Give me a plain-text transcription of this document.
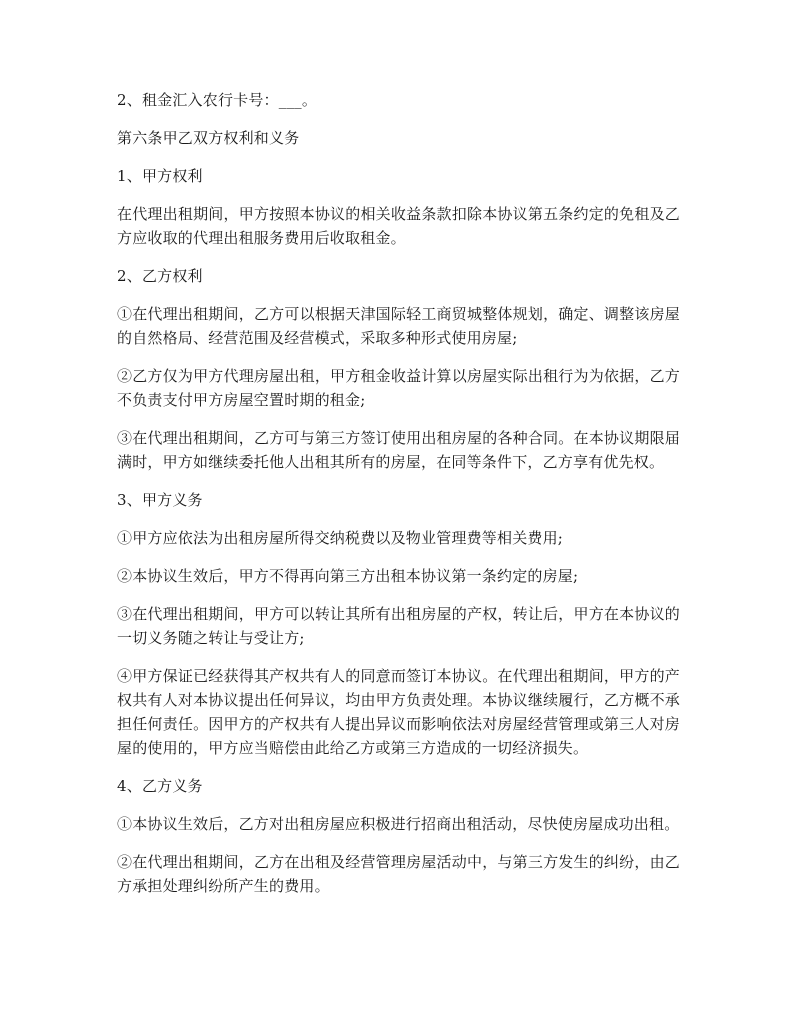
2、租金汇入农行卡号：___。

第六条甲乙双方权利和义务

1、甲方权利

在代理出租期间，甲方按照本协议的相关收益条款扣除本协议第五条约定的免租及乙方应收取的代理出租服务费用后收取租金。

2、乙方权利

①在代理出租期间，乙方可以根据天津国际轻工商贸城整体规划，确定、调整该房屋的自然格局、经营范围及经营模式，采取多种形式使用房屋;

②乙方仅为甲方代理房屋出租，甲方租金收益计算以房屋实际出租行为为依据，乙方不负责支付甲方房屋空置时期的租金;

③在代理出租期间，乙方可与第三方签订使用出租房屋的各种合同。在本协议期限届满时，甲方如继续委托他人出租其所有的房屋，在同等条件下，乙方享有优先权。

3、甲方义务

①甲方应依法为出租房屋所得交纳税费以及物业管理费等相关费用;

②本协议生效后，甲方不得再向第三方出租本协议第一条约定的房屋;

③在代理出租期间，甲方可以转让其所有出租房屋的产权，转让后，甲方在本协议的一切义务随之转让与受让方;

④甲方保证已经获得其产权共有人的同意而签订本协议。在代理出租期间，甲方的产权共有人对本协议提出任何异议，均由甲方负责处理。本协议继续履行，乙方概不承担任何责任。因甲方的产权共有人提出异议而影响依法对房屋经营管理或第三人对房屋的使用的，甲方应当赔偿由此给乙方或第三方造成的一切经济损失。

4、乙方义务

①本协议生效后，乙方对出租房屋应积极进行招商出租活动，尽快使房屋成功出租。

②在代理出租期间，乙方在出租及经营管理房屋活动中，与第三方发生的纠纷，由乙方承担处理纠纷所产生的费用。
